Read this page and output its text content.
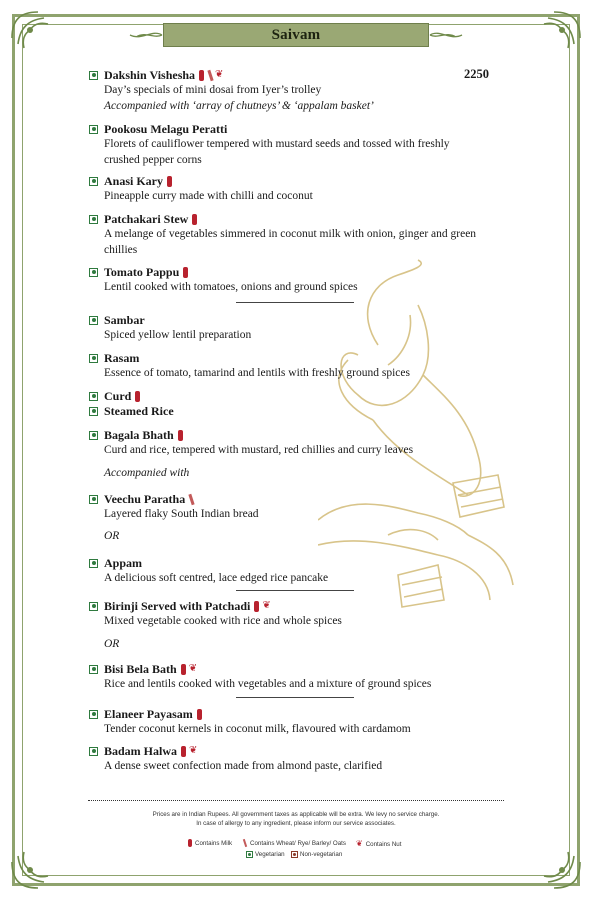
Saivam
2250
Dakshin Vishesha ❦
Day’s specials of mini dosai from Iyer’s trolley
Accompanied with ‘array of chutneys’ & ‘appalam basket’
Pookosu Melagu Peratti
Florets of cauliflower tempered with mustard seeds and tossed with freshly
crushed pepper corns
Anasi Kary
Pineapple curry made with chilli and coconut
Patchakari Stew
A melange of vegetables simmered in coconut milk with onion, ginger and green
chillies
Tomato Pappu
Lentil cooked with tomatoes, onions and ground spices
Sambar
Spiced yellow lentil preparation
Rasam
Essence of tomato, tamarind and lentils with freshly ground spices
Curd
Steamed Rice
Bagala Bhath
Curd and rice, tempered with mustard, red chillies and curry leaves
Accompanied with
Veechu Paratha
Layered flaky South Indian bread
OR
Appam
A delicious soft centred, lace edged rice pancake
Birinji Served with Patchadi ❦
Mixed vegetable cooked with rice and whole spices
OR
Bisi Bela Bath ❦
Rice and lentils cooked with vegetables and a mixture of ground spices
Elaneer Payasam
Tender coconut kernels in coconut milk, flavoured with cardamom
Badam Halwa ❦
A dense sweet confection made from almond paste, clarified
Prices are in Indian Rupees. All government taxes as applicable will be extra. We levy no service charge.
In case of allergy to any ingredient, please inform our service associates.
Contains Milk	Contains Wheat/ Rye/ Barley/ Oats ❦ Contains Nut
Vegetarian Non-vegetarian
